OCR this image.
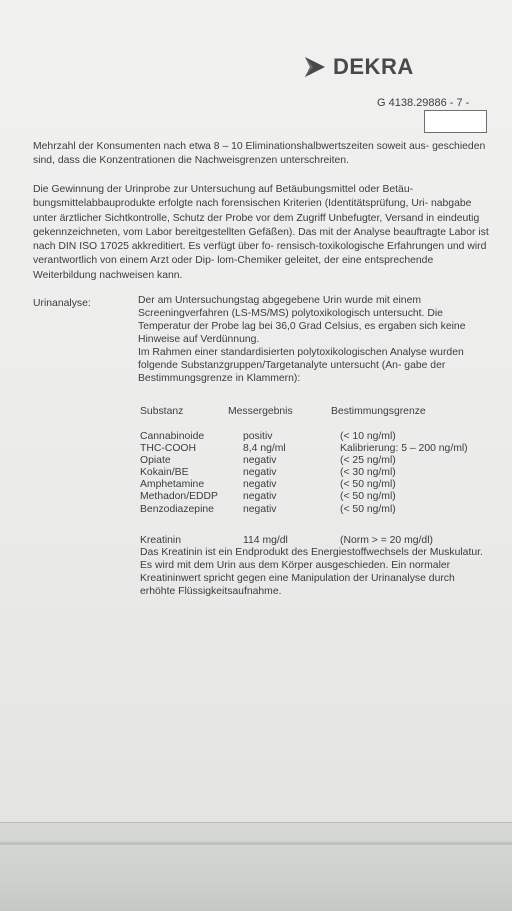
DEKRA
G 4138.29886 - 7 -
Mehrzahl der Konsumenten nach etwa 8 – 10 Eliminationshalbwertszeiten soweit aus- geschieden sind, dass die Konzentrationen die Nachweisgrenzen unterschreiten.
Die Gewinnung der Urinprobe zur Untersuchung auf Betäubungsmittel oder Betäu- bungsmittelabbauprodukte erfolgte nach forensischen Kriterien (Identitätsprüfung, Uri- nabgabe unter ärztlicher Sichtkontrolle, Schutz der Probe vor dem Zugriff Unbefugter, Versand in eindeutig gekennzeichneten, vom Labor bereitgestellten Gefäßen). Das mit der Analyse beauftragte Labor ist nach DIN ISO 17025 akkreditiert. Es verfügt über fo- rensisch-toxikologische Erfahrungen und wird verantwortlich von einem Arzt oder Dip- lom-Chemiker geleitet, der eine entsprechende Weiterbildung nachweisen kann.
Urinanalyse:	Der am Untersuchungstag abgegebene Urin wurde mit einem Screeningverfahren (LS-MS/MS) polytoxikologisch untersucht. Die Temperatur der Probe lag bei 36,0 Grad Celsius, es ergaben sich keine Hinweise auf Verdünnung.
Im Rahmen einer standardisierten polytoxikologischen Analyse wurden folgende Substanzgruppen/Targetanalyte untersucht (An- gabe der Bestimmungsgrenze in Klammern):
Substanz	Messergebnis	Bestimmungsgrenze
Cannabinoide	positiv	(< 10 ng/ml)
THC-COOH	8,4 ng/ml	Kalibrierung: 5 – 200 ng/ml)
Opiate	negativ	(< 25 ng/ml)
Kokain/BE	negativ	(< 30 ng/ml)
Amphetamine	negativ	(< 50 ng/ml)
Methadon/EDDP negativ	(< 50 ng/ml)
Benzodiazepine	negativ	(< 50 ng/ml)
Kreatinin	114 mg/dl	(Norm > = 20 mg/dl)
Das Kreatinin ist ein Endprodukt des Energiestoffwechsels der Muskulatur. Es wird mit dem Urin aus dem Körper ausgeschieden. Ein normaler Kreatininwert spricht gegen eine Manipulation der Urinanalyse durch erhöhte Flüssigkeitsaufnahme.
